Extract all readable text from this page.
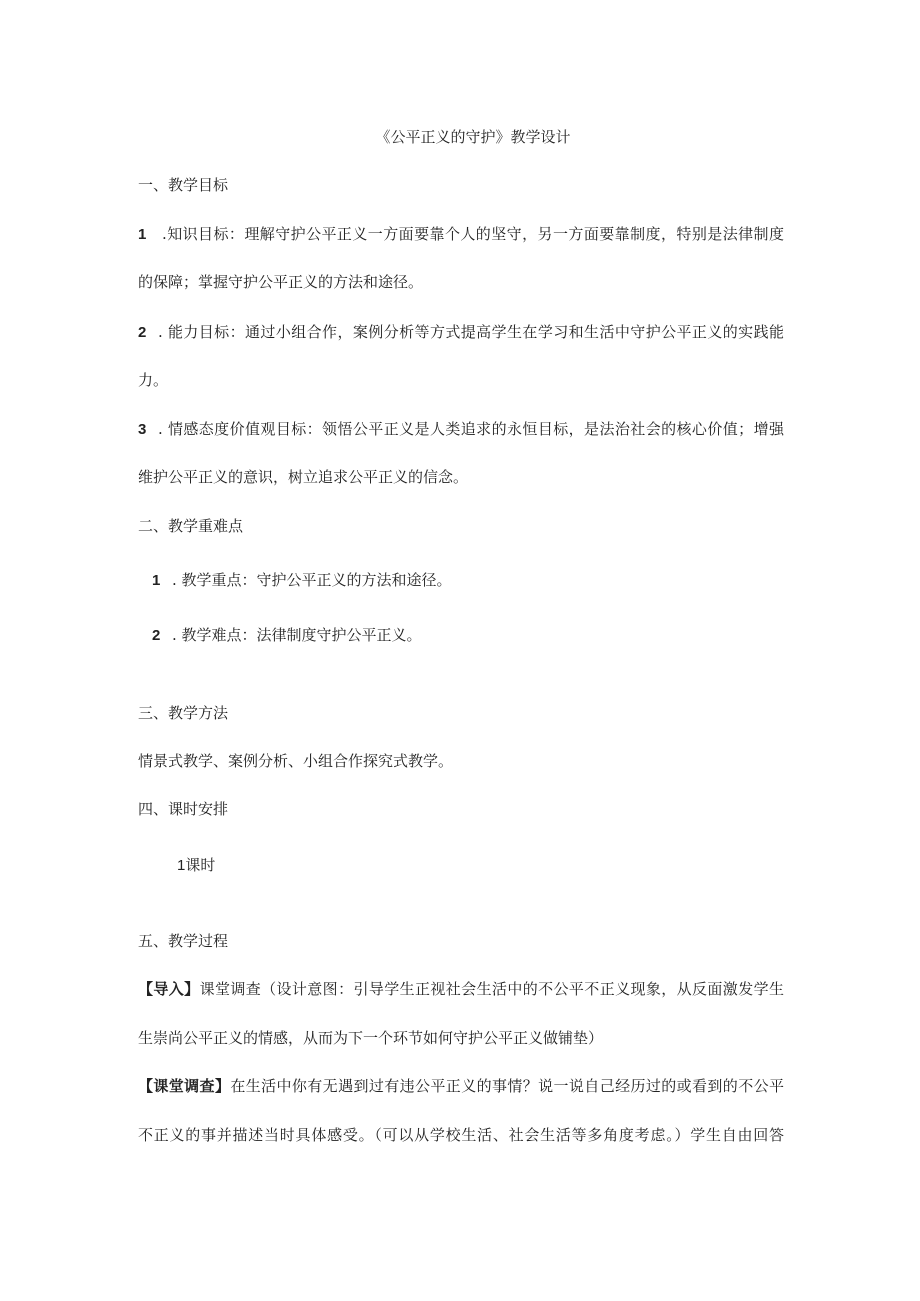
《公平正义的守护》教学设计
一、教学目标
1 .知识目标：理解守护公平正义一方面要靠个人的坚守，另一方面要靠制度，特别是法律制度
的保障；掌握守护公平正义的方法和途径。
2 . 能力目标：通过小组合作，案例分析等方式提高学生在学习和生活中守护公平正义的实践能
力。
3 . 情感态度价值观目标：领悟公平正义是人类追求的永恒目标，是法治社会的核心价值；增强
维护公平正义的意识，树立追求公平正义的信念。
二、教学重难点
1 . 教学重点：守护公平正义的方法和途径。
2 . 教学难点：法律制度守护公平正义。
三、教学方法
情景式教学、案例分析、小组合作探究式教学。
四、课时安排
1课时
五、教学过程
【导入】课堂调查（设计意图：引导学生正视社会生活中的不公平不正义现象，从反面激发学生
生崇尚公平正义的情感，从而为下一个环节如何守护公平正义做铺垫）
【课堂调查】在生活中你有无遇到过有违公平正义的事情？说一说自己经历过的或看到的不公平
不正义的事并描述当时具体感受。（可以从学校生活、社会生活等多角度考虑。）学生自由回答
